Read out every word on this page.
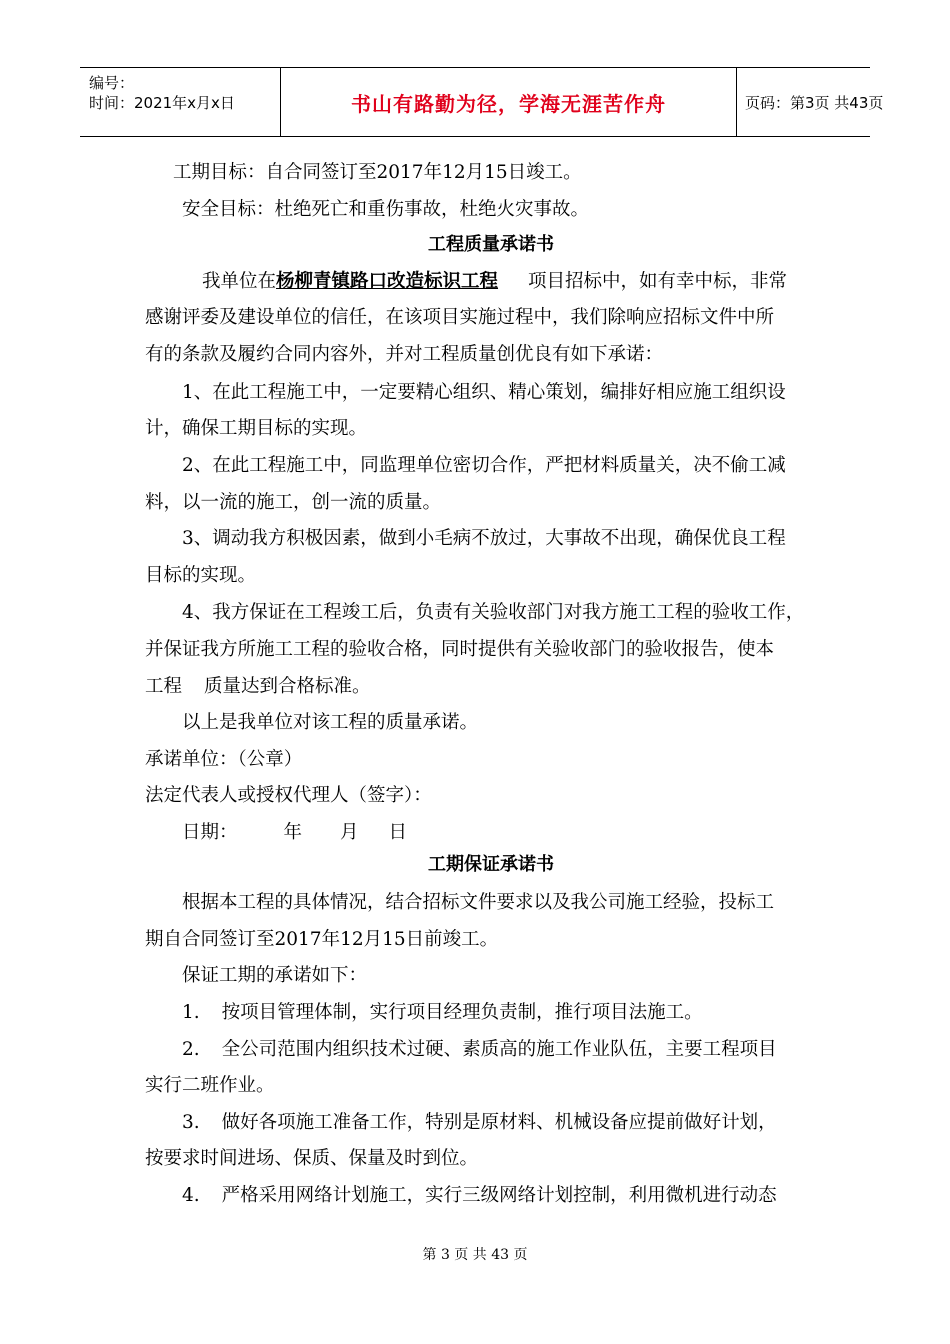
编号：
时间：2021年x月x日	书山有路勤为径，学海无涯苦作舟	页码：第3页 共43页
工期目标：自合同签订至2017年12月15日竣工。
安全目标：杜绝死亡和重伤事故，杜绝火灾事故。
工程质量承诺书
我单位在杨柳青镇路口改造标识工程 项目招标中，如有幸中标，非常
感谢评委及建设单位的信任，在该项目实施过程中，我们除响应招标文件中所
有的条款及履约合同内容外，并对工程质量创优良有如下承诺：
1、在此工程施工中，一定要精心组织、精心策划，编排好相应施工组织设
计，确保工期目标的实现。
2、在此工程施工中，同监理单位密切合作，严把材料质量关，决不偷工减
料，以一流的施工，创一流的质量。
3、调动我方积极因素，做到小毛病不放过，大事故不出现，确保优良工程
目标的实现。
4、我方保证在工程竣工后，负责有关验收部门对我方施工工程的验收工作，
并保证我方所施工工程的验收合格，同时提供有关验收部门的验收报告，使本
工程 质量达到合格标准。
以上是我单位对该工程的质量承诺。
承诺单位：（公章）
法定代表人或授权代理人（签字）：
日期： 年 月 日
工期保证承诺书
根据本工程的具体情况，结合招标文件要求以及我公司施工经验，投标工
期自合同签订至2017年12月15日前竣工。
保证工期的承诺如下：
1. 按项目管理体制，实行项目经理负责制，推行项目法施工。
2. 全公司范围内组织技术过硬、素质高的施工作业队伍，主要工程项目
实行二班作业。
3. 做好各项施工准备工作，特别是原材料、机械设备应提前做好计划，
按要求时间进场、保质、保量及时到位。
4. 严格采用网络计划施工，实行三级网络计划控制，利用微机进行动态
第 3 页 共 43 页
